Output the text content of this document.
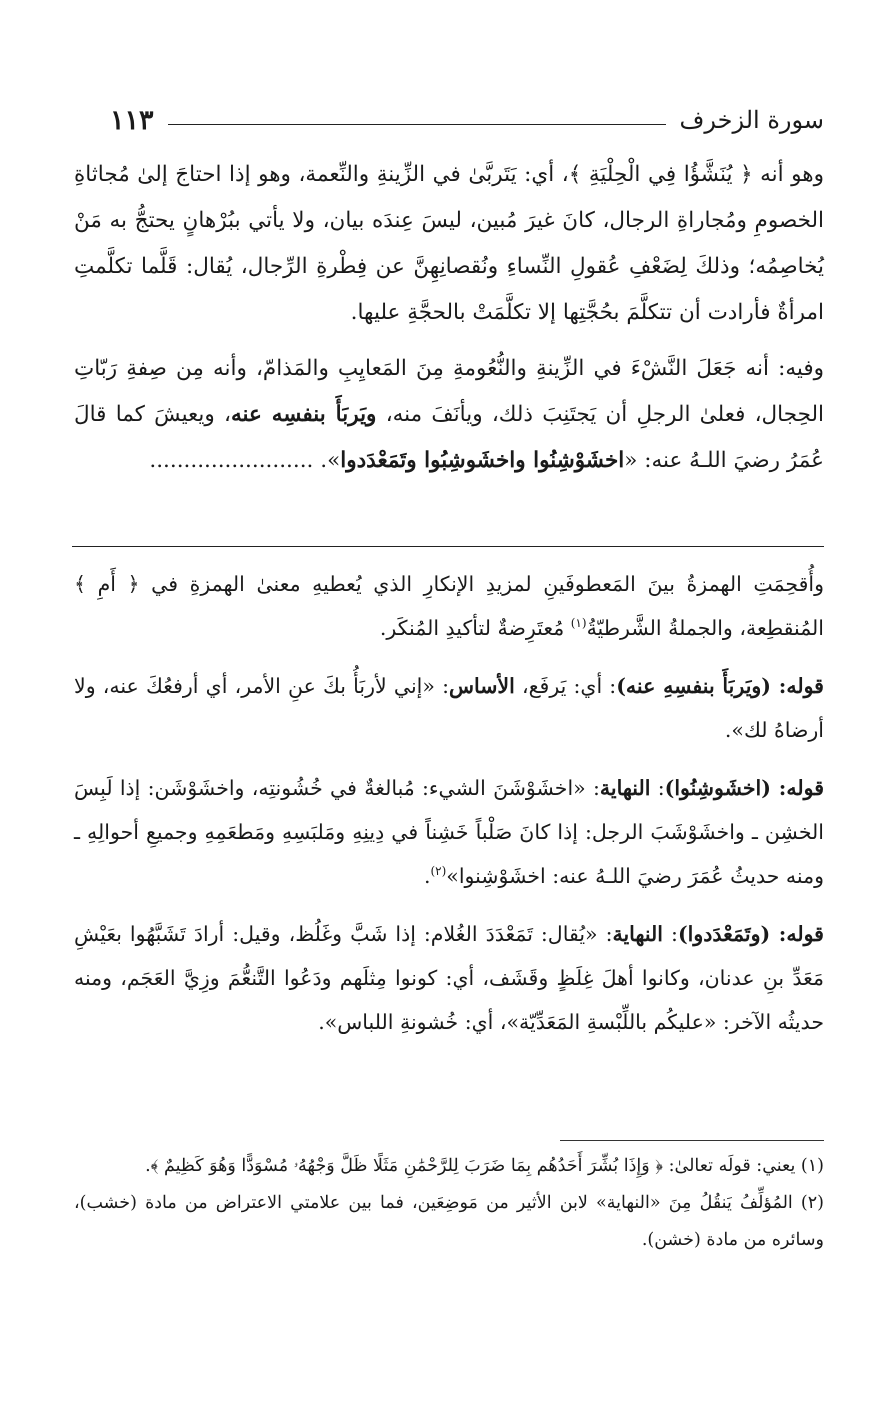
سورة الزخرف
١١٣

وهو أنه ﴿ يُنَشَّؤُا فِي الْحِلْيَةِ ﴾، أي: يَتَربَّىٰ في الزِّينةِ والنِّعمة، وهو إذا احتاجَ إلىٰ مُجاثاةِ الخصومِ ومُجاراةِ الرجال، كانَ غيرَ مُبين، ليسَ عِندَه بيان، ولا يأتي ببُرْهانٍ يحتجُّ به مَنْ يُخاصِمُه؛ وذلكَ لِضَعْفِ عُقولِ النِّساءِ ونُقصانِهِنَّ عن فِطْرةِ الرِّجال، يُقال: قَلَّما تكلَّمتِ امرأةٌ فأرادت أن تتكلَّمَ بحُجَّتِها إلا تكلَّمَتْ بالحجَّةِ عليها.

وفيه: أنه جَعَلَ النَّشْءَ في الزِّينةِ والنُّعُومةِ مِنَ المَعايِبِ والمَذامّ، وأنه مِن صِفةِ رَبّاتِ الحِجال، فعلىٰ الرجلِ أن يَجتَنِبَ ذلك، ويأنَفَ منه، ويَربَأَ بنفسِه عنه، ويعيشَ كما قالَ عُمَرُ رضيَ اللـهُ عنه: «اخشَوْشِنُوا واخشَوشِبُوا وتَمَعْدَدوا». ........................

وأُقحِمَتِ الهمزةُ بينَ المَعطوفَينِ لمزيدِ الإنكارِ الذي يُعطيهِ معنىٰ الهمزةِ في ﴿ أَمِ ﴾ المُنقطِعة، والجملةُ الشَّرطيّةُ$^{(١)}$ مُعتَرِضةٌ لتأكيدِ المُنكَر.

قوله: (ويَربَأَ بنفسِهِ عنه): أي: يَرفَع، الأساس: «إني لأربَأُ بكَ عنِ الأمر، أي أرفعُكَ عنه، ولا أرضاهُ لك».

قوله: (اخشَوشِنُوا): النهاية: «اخشَوْشَنَ الشيء: مُبالغةٌ في خُشُونتِه، واخشَوْشَن: إذا لَبِسَ الخشِن ـ واخشَوْشَبَ الرجل: إذا كانَ صَلْباً خَشِناً في دِينِهِ ومَلبَسِهِ ومَطعَمِهِ وجميعِ أحوالِهِ ـ ومنه حديثُ عُمَرَ رضيَ اللـهُ عنه: اخشَوْشِنوا»$^{(٢)}$.

قوله: (وتَمَعْدَدوا): النهاية: «يُقال: تَمَعْدَدَ الغُلام: إذا شَبَّ وغَلُظ، وقيل: أرادَ تَشَبَّهُوا بعَيْشِ مَعَدِّ بنِ عدنان، وكانوا أهلَ غِلَظٍ وقَشَف، أي: كونوا مِثلَهم ودَعُوا التَّنعُّمَ وزِيَّ العَجَم، ومنه حديثُه الآخر: «عليكُم باللِّبْسةِ المَعَدِّيّة»، أي: خُشونةِ اللباس».

(١) يعني: قولَه تعالىٰ: ﴿ وَإِذَا بُشِّرَ أَحَدُهُم بِمَا ضَرَبَ لِلرَّحْمَٰنِ مَثَلًا ظَلَّ وَجْهُهُۥ مُسْوَدًّا وَهُوَ كَظِيمٌ ﴾.

(٢) المُؤلِّفُ يَنقُلُ مِنَ «النهاية» لابن الأثير من مَوضِعَين، فما بين علامتي الاعتراض من مادة (خشب)، وسائره من مادة (خشن).
